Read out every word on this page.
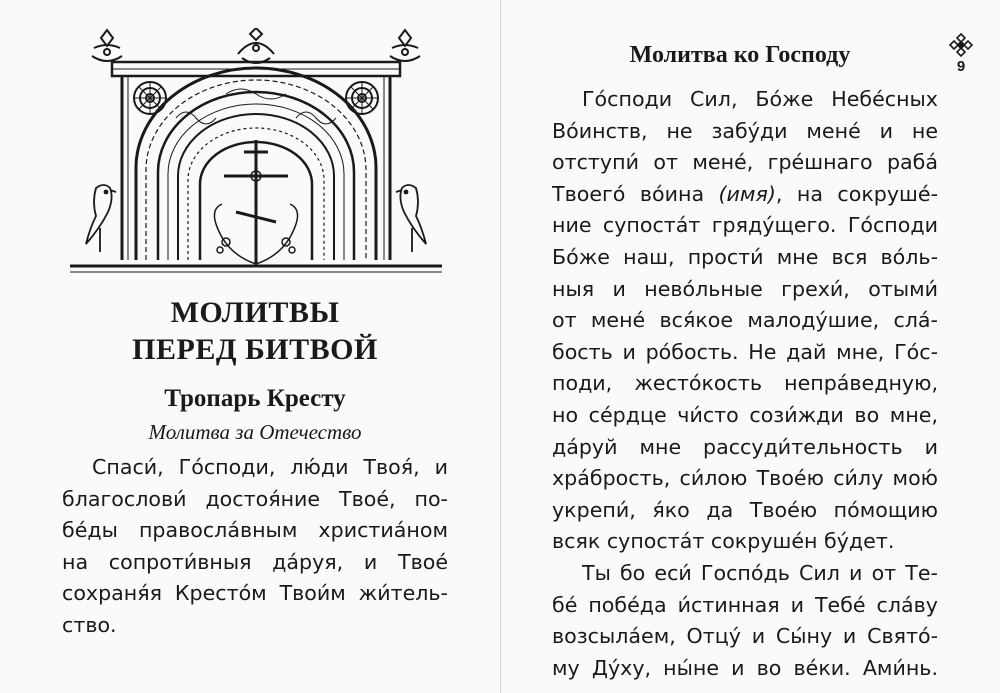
МОЛИТВЫ
ПЕРЕД БИТВОЙ
Тропарь Кресту

Молитва за Отечество

Спаси́, Го́споди, лю́ди Твоя́, и
благослови́ достоя́ние Твое́, по-
бе́ды правосла́вным христиа́ном
на сопроти́вныя да́руя, и Твое́
сохраня́я Кресто́м Твои́м жи́тель-
ство.
9
Молитва ко Господу
Го́споди Сил, Бо́же Небе́сных
Во́инств, не забу́ди мене́ и не
отступи́ от мене́, гре́шнаго раба́
Твоего́ во́ина (имя), на сокруше́-
ние супоста́т гряду́щего. Го́споди
Бо́же наш, прости́ мне вся во́ль-
ныя и нево́льные грехи́, отыми́
от мене́ вся́кое малоду́шие, сла́-
бость и ро́бость. Не дай мне, Го́с-
поди, жесто́кость непра́ведную,
но се́рдце чи́сто сози́жди во мне,
да́руй мне рассуди́тельность и
хра́брость, си́лою Твое́ю си́лу мою́
укрепи́, я́ко да Твое́ю по́мощию
всяк супоста́т сокруше́н бу́дет.
Ты бо еси́ Госпо́дь Сил и от Те-
бе́ побе́да и́стинная и Тебе́ сла́ву
возсыла́ем, Отцу́ и Сы́ну и Свято́-
му Ду́ху, ны́не и во ве́ки. Ами́нь.
